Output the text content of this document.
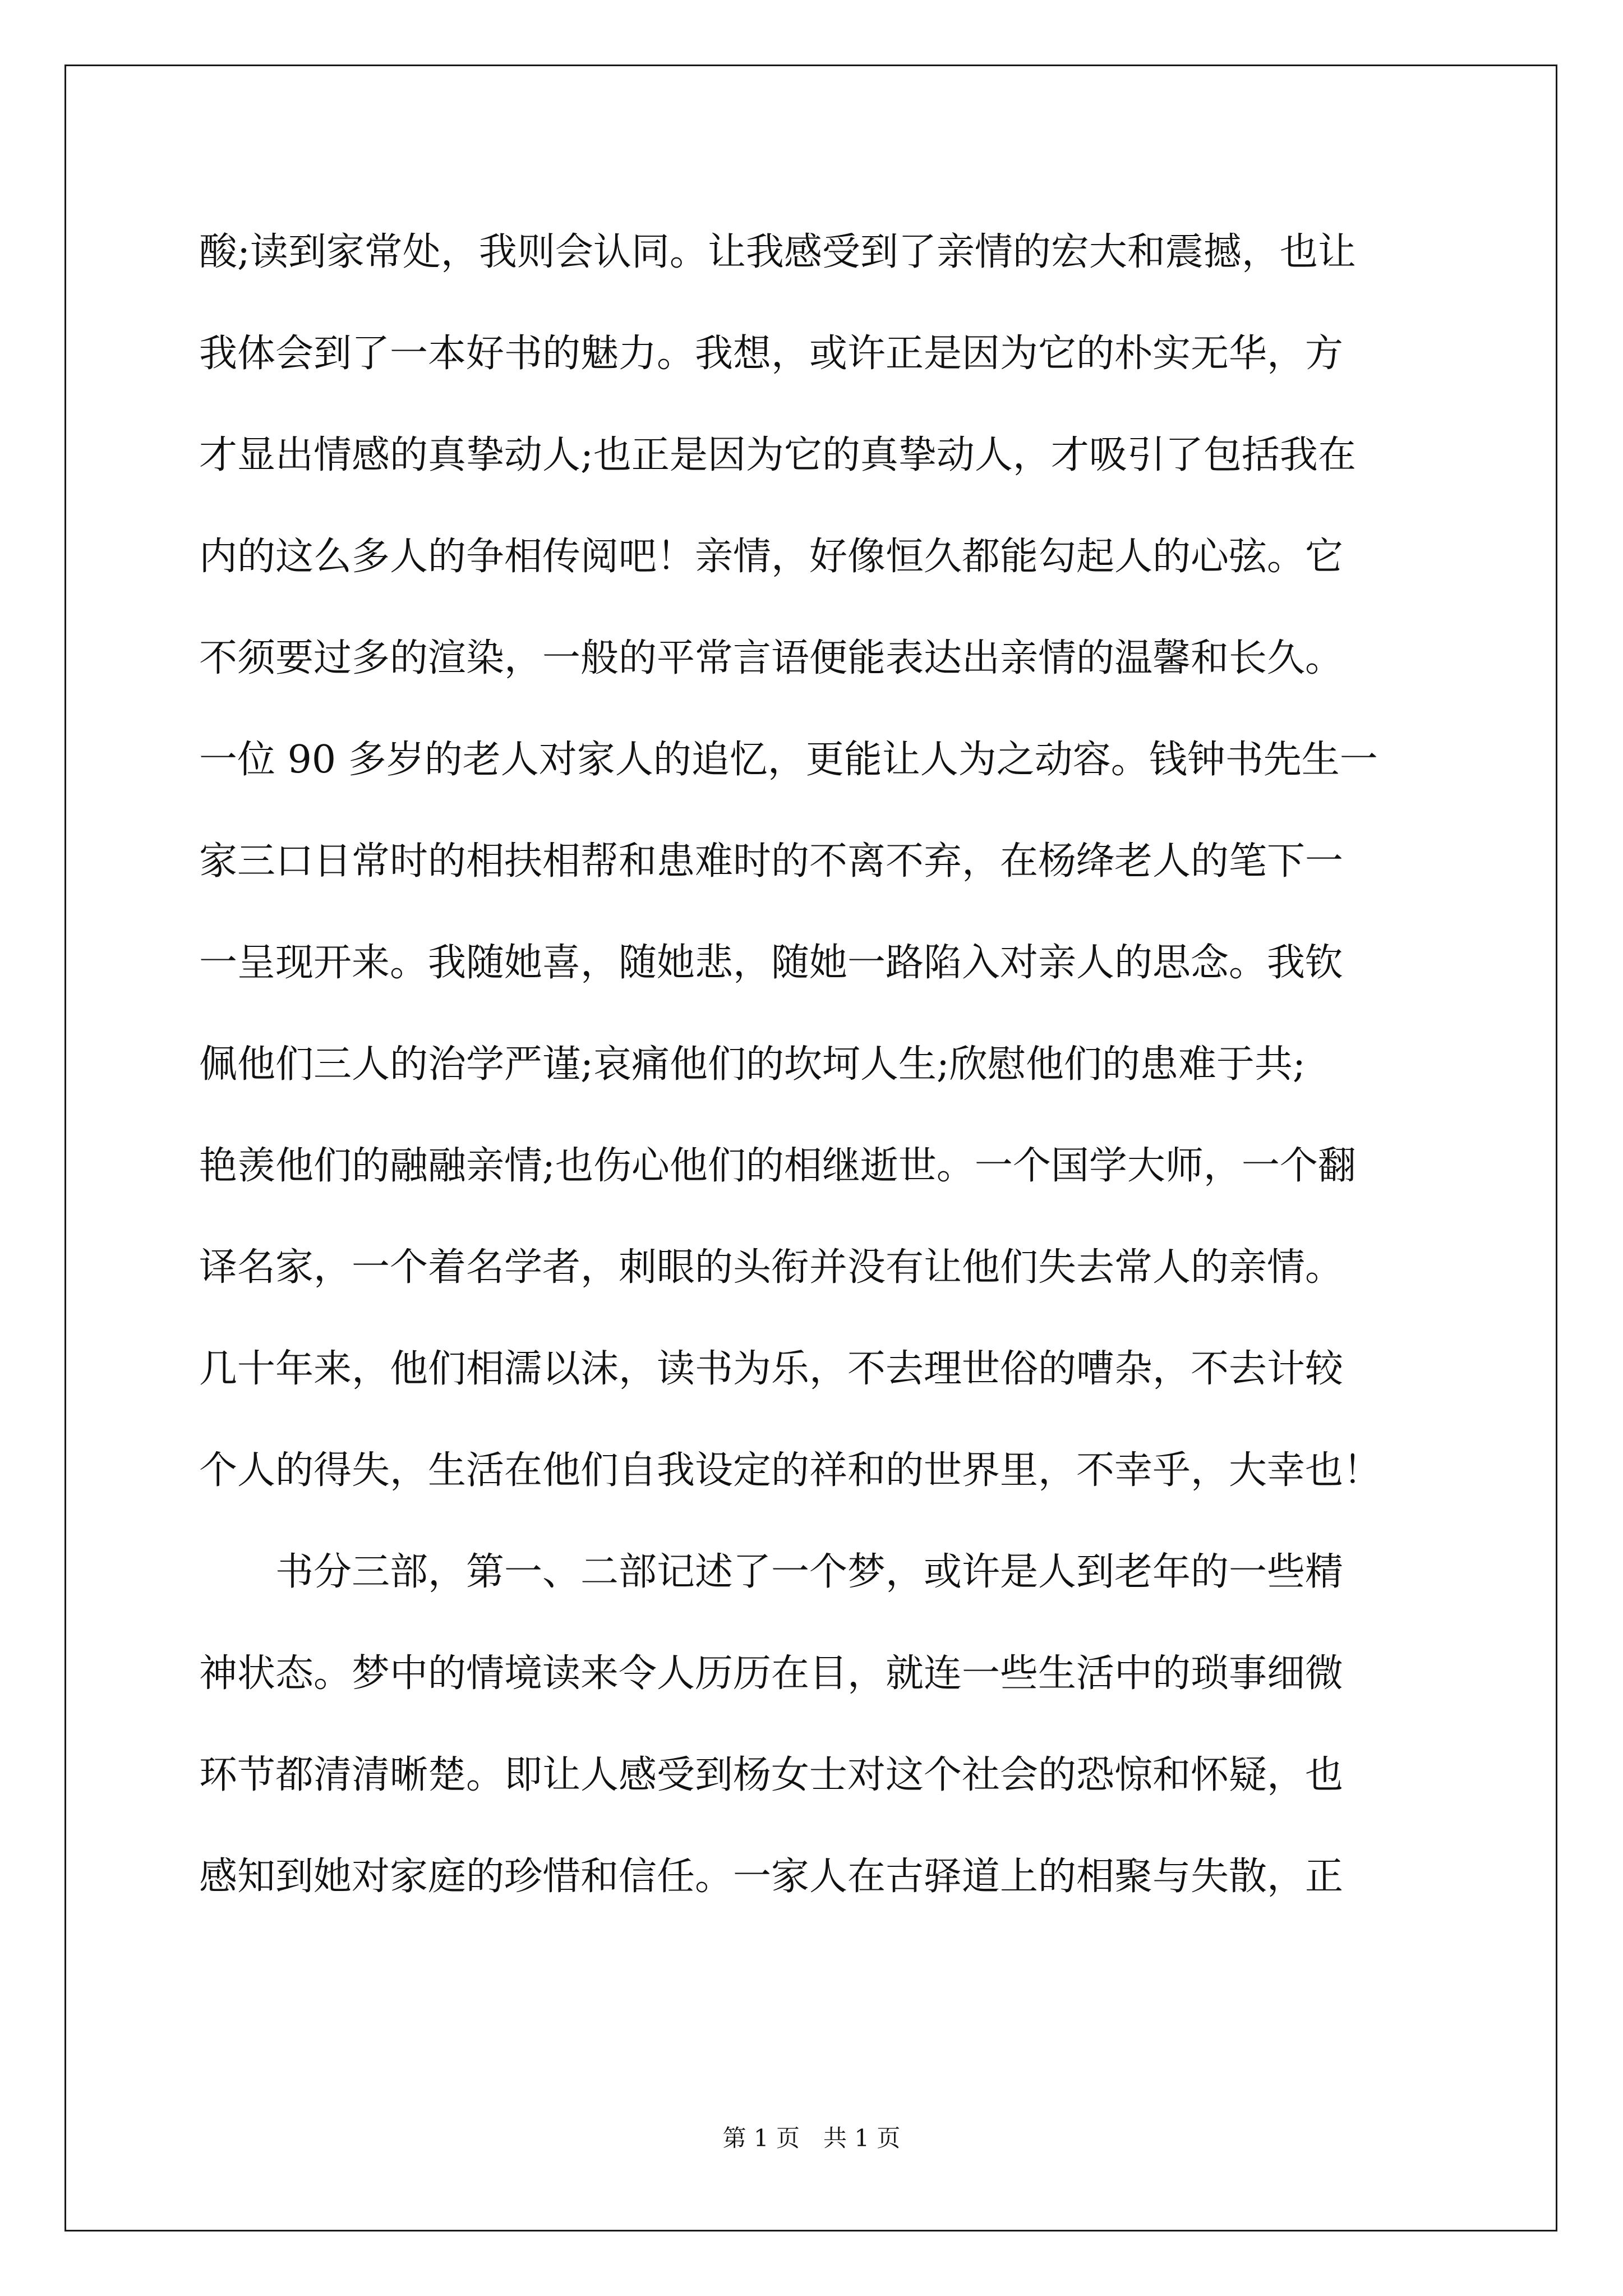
酸;读到家常处，我则会认同。让我感受到了亲情的宏大和震撼，也让
我体会到了一本好书的魅力。我想，或许正是因为它的朴实无华，方
才显出情感的真挚动人;也正是因为它的真挚动人，才吸引了包括我在
内的这么多人的争相传阅吧！亲情，好像恒久都能勾起人的心弦。它
不须要过多的渲染，一般的平常言语便能表达出亲情的温馨和长久。
一位 90 多岁的老人对家人的追忆，更能让人为之动容。钱钟书先生一
家三口日常时的相扶相帮和患难时的不离不弃，在杨绛老人的笔下一
一呈现开来。我随她喜，随她悲，随她一路陷入对亲人的思念。我钦
佩他们三人的治学严谨;哀痛他们的坎坷人生;欣慰他们的患难于共;
艳羡他们的融融亲情;也伤心他们的相继逝世。一个国学大师，一个翻
译名家，一个着名学者，刺眼的头衔并没有让他们失去常人的亲情。
几十年来，他们相濡以沫，读书为乐，不去理世俗的嘈杂，不去计较
个人的得失，生活在他们自我设定的祥和的世界里，不幸乎，大幸也！
书分三部，第一、二部记述了一个梦，或许是人到老年的一些精
神状态。梦中的情境读来令人历历在目，就连一些生活中的琐事细微
环节都清清晰楚。即让人感受到杨女士对这个社会的恐惊和怀疑，也
感知到她对家庭的珍惜和信任。一家人在古驿道上的相聚与失散，正
第 1 页 共 1 页
